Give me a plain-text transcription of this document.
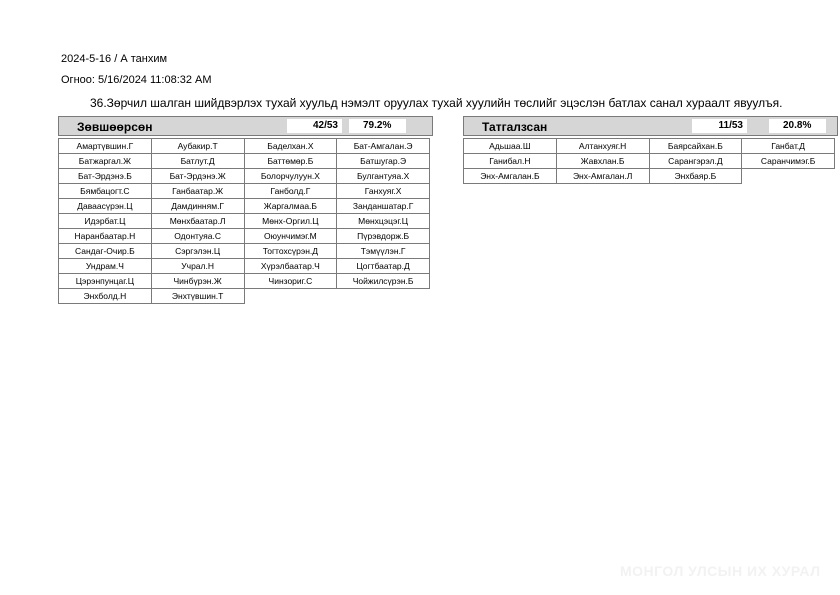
2024-5-16 / А танхим
Огноо: 5/16/2024 11:08:32 AM
36.Зөрчил шалган шийдвэрлэх тухай хуульд нэмэлт оруулах тухай хуулийн төслийг эцэслэн батлах санал хураалт явуулъя.
Зөвшөөрсөн	42/53	79.2%
Амартүвшин.Г	Аубакир.Т	Баделхан.Х	Бат-Амгалан.Э
Батжаргал.Ж	Батлут.Д	Баттөмөр.Б	Батшугар.Э
Бат-Эрдэнэ.Б	Бат-Эрдэнэ.Ж	Болорчулуун.Х	Булгантуяа.Х
Бямбацогт.С	Ганбаатар.Ж	Ганболд.Г	Ганхуяг.Х
Даваасүрэн.Ц	Дамдинням.Г	Жаргалмаа.Б	Занданшатар.Г
Идэрбат.Ц	Мөнхбаатар.Л	Мөнх-Оргил.Ц	Мөнхцэцэг.Ц
Наранбаатар.Н	Одонтуяа.С	Оюунчимэг.М	Пүрэвдорж.Б
Сандаг-Очир.Б	Сэргэлэн.Ц	Тогтохсүрэн.Д	Тэмүүлэн.Г
Ундрам.Ч	Учрал.Н	Хүрэлбаатар.Ч	Цогтбаатар.Д
Цэрэнпунцаг.Ц	Чинбүрэн.Ж	Чинзориг.С	Чойжилсүрэн.Б
Энхболд.Н	Энхтүвшин.Т
Татгалзсан	11/53	20.8%
Адьшаа.Ш	Алтанхуяг.Н	Баярсайхан.Б	Ганбат.Д
Ганибал.Н	Жавхлан.Б	Сарангэрэл.Д	Саранчимэг.Б
Энх-Амгалан.Б	Энх-Амгалан.Л	Энхбаяр.Б
МОНГОЛ УЛСЫН ИХ ХУРАЛ
